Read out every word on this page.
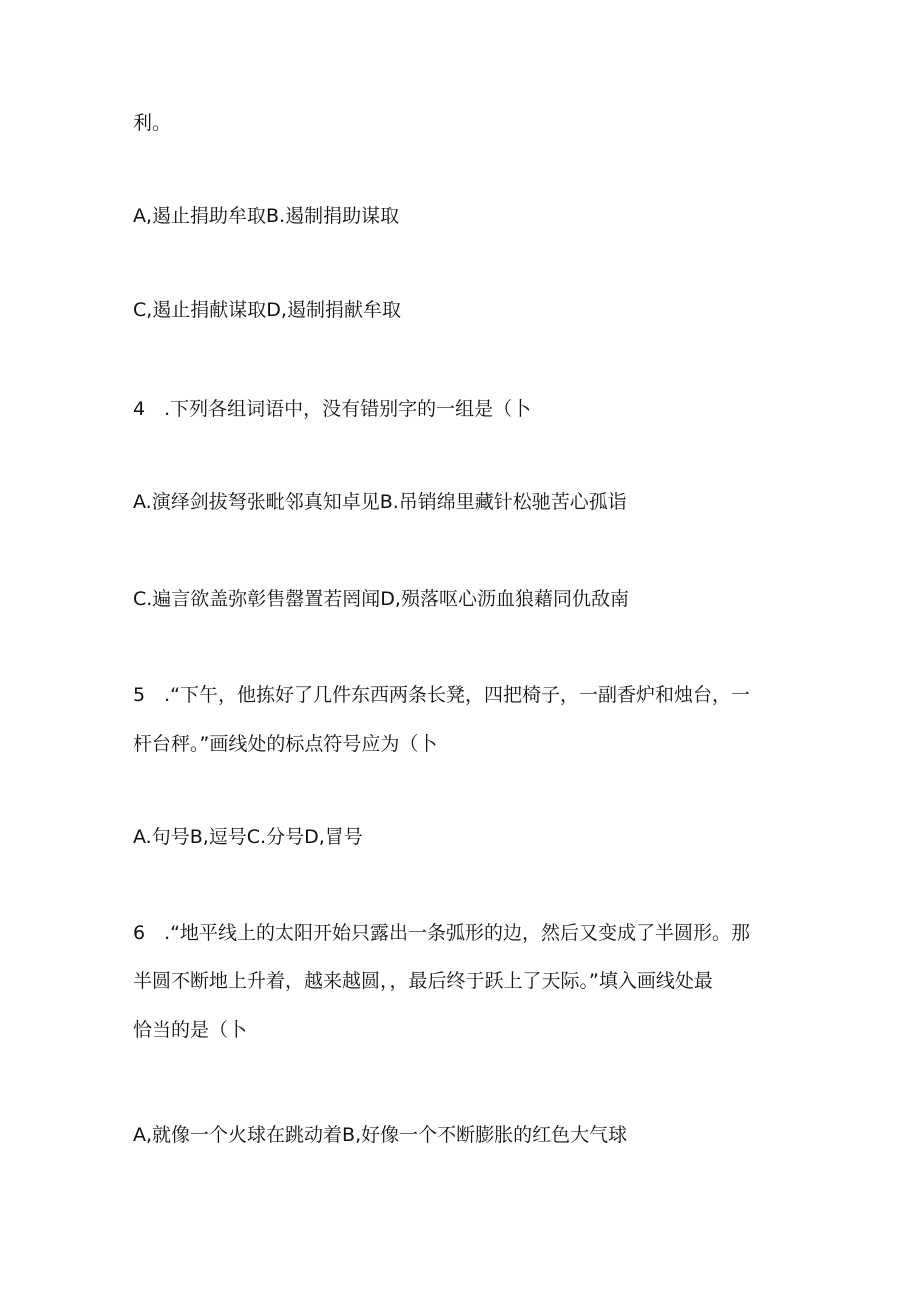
利。
A,遏止捐助牟取B.遏制捐助谋取
C,遏止捐献谋取D,遏制捐献牟取
4　.下列各组词语中，没有错别字的一组是（卜
A.演绎剑拔弩张毗邻真知卓见B.吊销绵里藏针松驰苦心孤诣
C.遍言欲盖弥彰售罄置若罔闻D,殒落呕心沥血狼藉同仇敌南
5　.“下午，他拣好了几件东西两条长凳，四把椅子，一副香炉和烛台，一
杆台秤。”画线处的标点符号应为（卜
A.句号B,逗号C.分号D,冒号
6　.“地平线上的太阳开始只露出一条弧形的边，然后又变成了半圆形。那
半圆不断地上升着，越来越圆，，最后终于跃上了天际。”填入画线处最
恰当的是（卜
A,就像一个火球在跳动着B,好像一个不断膨胀的红色大气球
